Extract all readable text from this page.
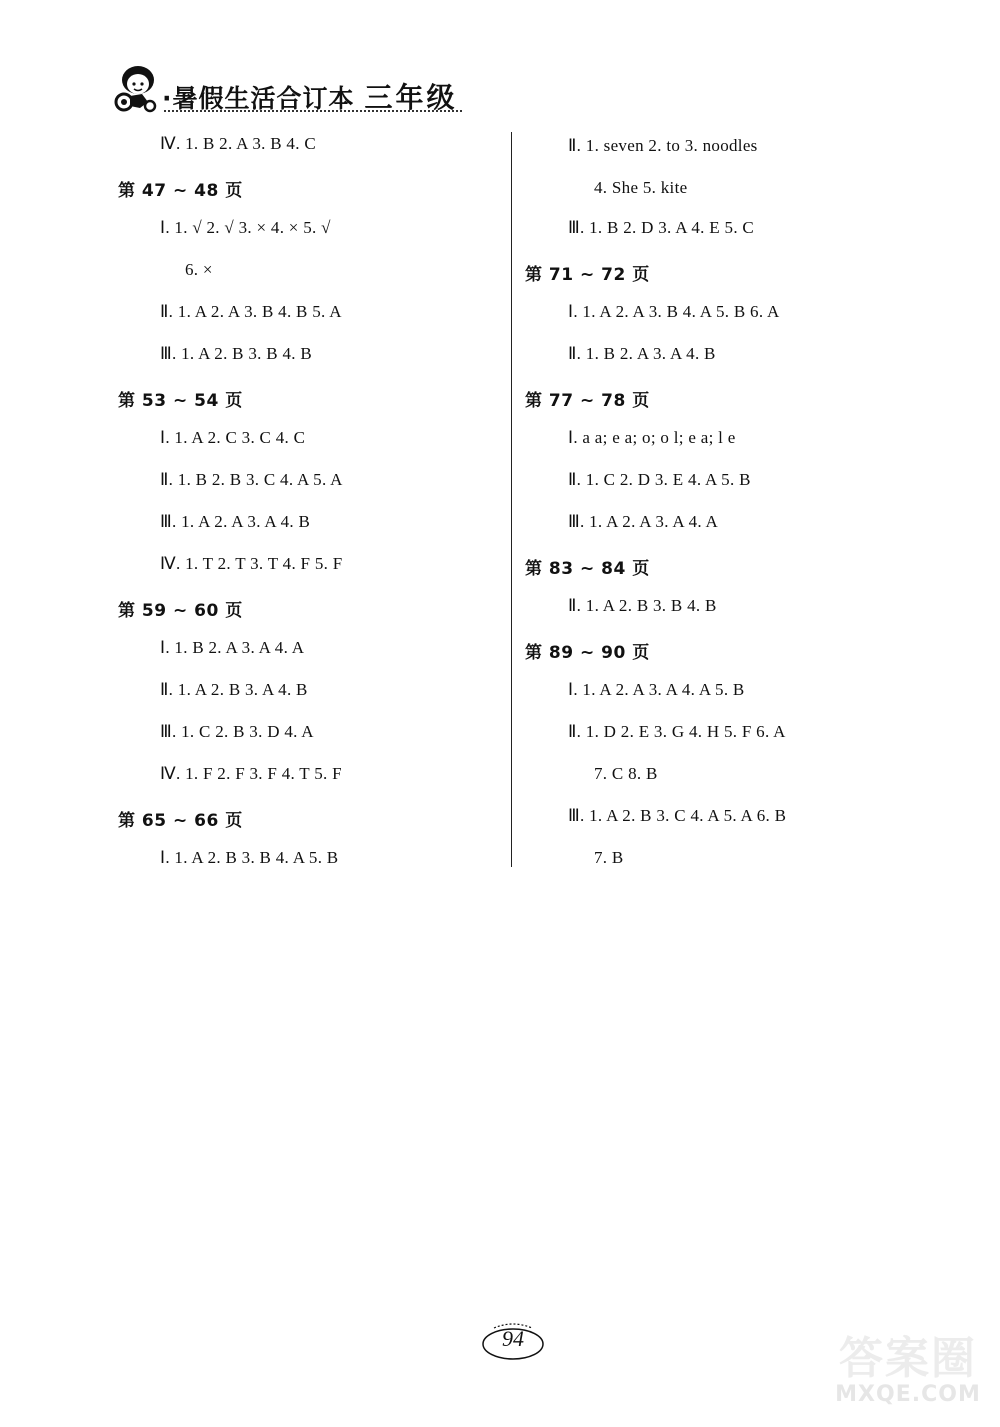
·暑假生活合订本 三年级
Ⅳ. 1. B 2. A 3. B 4. C
第 47 ~ 48 页
Ⅰ. 1. √ 2. √ 3. × 4. × 5. √
6. ×
Ⅱ. 1. A 2. A 3. B 4. B 5. A
Ⅲ. 1. A 2. B 3. B 4. B
第 53 ~ 54 页
Ⅰ. 1. A 2. C 3. C 4. C
Ⅱ. 1. B 2. B 3. C 4. A 5. A
Ⅲ. 1. A 2. A 3. A 4. B
Ⅳ. 1. T 2. T 3. T 4. F 5. F
第 59 ~ 60 页
Ⅰ. 1. B 2. A 3. A 4. A
Ⅱ. 1. A 2. B 3. A 4. B
Ⅲ. 1. C 2. B 3. D 4. A
Ⅳ. 1. F 2. F 3. F 4. T 5. F
第 65 ~ 66 页
Ⅰ. 1. A 2. B 3. B 4. A 5. B
Ⅱ. 1. seven 2. to 3. noodles
4. She 5. kite
Ⅲ. 1. B 2. D 3. A 4. E 5. C
第 71 ~ 72 页
Ⅰ. 1. A 2. A 3. B 4. A 5. B 6. A
Ⅱ. 1. B 2. A 3. A 4. B
第 77 ~ 78 页
Ⅰ. a a; e a; o; o l; e a; l e
Ⅱ. 1. C 2. D 3. E 4. A 5. B
Ⅲ. 1. A 2. A 3. A 4. A
第 83 ~ 84 页
Ⅱ. 1. A 2. B 3. B 4. B
第 89 ~ 90 页
Ⅰ. 1. A 2. A 3. A 4. A 5. B
Ⅱ. 1. D 2. E 3. G 4. H 5. F 6. A
7. C 8. B
Ⅲ. 1. A 2. B 3. C 4. A 5. A 6. B
7. B
94	答案圈
MXQE.COM
